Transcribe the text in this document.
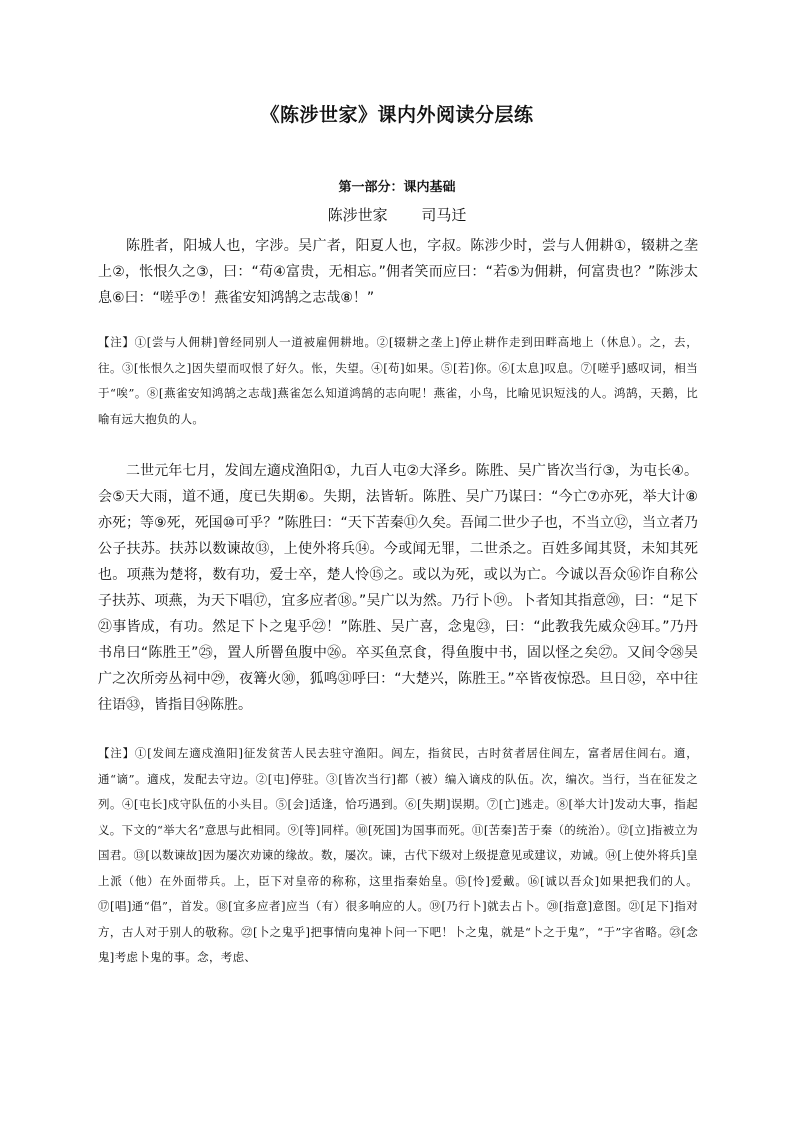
《陈涉世家》课内外阅读分层练
第一部分：课内基础
陈涉世家　 司马迁

陈胜者，阳城人也，字涉。吴广者，阳夏人也，字叔。陈涉少时，尝与人佣耕①，辍耕之垄上②，怅恨久之③，曰：“苟④富贵，无相忘。”佣者笑而应曰：“若⑤为佣耕，何富贵也？”陈涉太息⑥曰：“嗟乎⑦！燕雀安知鸿鹄之志哉⑧！”

【注】①[尝与人佣耕]曾经同别人一道被雇佣耕地。②[辍耕之垄上]停止耕作走到田畔高地上（休息）。之，去，往。③[怅恨久之]因失望而叹恨了好久。怅，失望。④[苟]如果。⑤[若]你。⑥[太息]叹息。⑦[嗟乎]感叹词，相当于“唉”。⑧[燕雀安知鸿鹄之志哉]燕雀怎么知道鸿鹄的志向呢！燕雀，小鸟，比喻见识短浅的人。鸿鹄，天鹅，比喻有远大抱负的人。

二世元年七月，发闾左適戍渔阳①，九百人屯②大泽乡。陈胜、吴广皆次当行③，为屯长④。会⑤天大雨，道不通，度已失期⑥。失期，法皆斩。陈胜、吴广乃谋曰：“今亡⑦亦死，举大计⑧亦死；等⑨死，死国⑩可乎？”陈胜曰：“天下苦秦⑪久矣。吾闻二世少子也，不当立⑫，当立者乃公子扶苏。扶苏以数谏故⑬，上使外将兵⑭。今或闻无罪，二世杀之。百姓多闻其贤，未知其死也。项燕为楚将，数有功，爱士卒，楚人怜⑮之。或以为死，或以为亡。今诚以吾众⑯诈自称公子扶苏、项燕，为天下唱⑰，宜多应者⑱。”吴广以为然。乃行卜⑲。卜者知其指意⑳，曰：“足下㉑事皆成，有功。然足下卜之鬼乎㉒！”陈胜、吴广喜，念鬼㉓，曰：“此教我先威众㉔耳。”乃丹书帛曰“陈胜王”㉕，置人所罾鱼腹中㉖。卒买鱼烹食，得鱼腹中书，固以怪之矣㉗。又间令㉘吴广之次所旁丛祠中㉙，夜篝火㉚，狐鸣㉛呼曰：“大楚兴，陈胜王。”卒皆夜惊恐。旦日㉜，卒中往往语㉝，皆指目㉞陈胜。

【注】①[发闾左適戍渔阳]征发贫苦人民去驻守渔阳。闾左，指贫民，古时贫者居住闾左，富者居住闾右。適，通“谪”。適戍，发配去守边。②[屯]停驻。③[皆次当行]都（被）编入谪戍的队伍。次，编次。当行，当在征发之列。④[屯长]戍守队伍的小头目。⑤[会]适逢，恰巧遇到。⑥[失期]误期。⑦[亡]逃走。⑧[举大计]发动大事，指起义。下文的“举大名”意思与此相同。⑨[等]同样。⑩[死国]为国事而死。⑪[苦秦]苦于秦（的统治）。⑫[立]指被立为国君。⑬[以数谏故]因为屡次劝谏的缘故。数，屡次。谏，古代下级对上级提意见或建议，劝诫。⑭[上使外将兵]皇上派（他）在外面带兵。上，臣下对皇帝的称称，这里指秦始皇。⑮[怜]爱戴。⑯[诚以吾众]如果把我们的人。⑰[唱]通“倡”，首发。⑱[宜多应者]应当（有）很多响应的人。⑲[乃行卜]就去占卜。⑳[指意]意图。㉑[足下]指对方，古人对于别人的敬称。㉒[卜之鬼乎]把事情向鬼神卜问一下吧！卜之鬼，就是“卜之于鬼”，“于”字省略。㉓[念鬼]考虑卜鬼的事。念，考虑、
